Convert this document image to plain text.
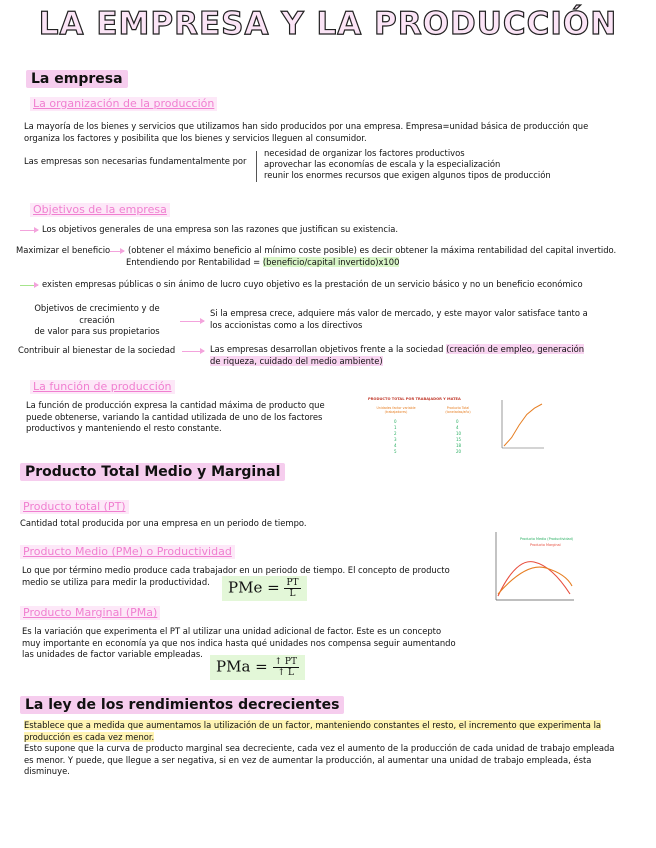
LA EMPRESA Y LA PRODUCCIÓN
La empresa
La organización de la producción
La mayoría de los bienes y servicios que utilizamos han sido producidos por una empresa. Empresa=unidad básica de producción que
organiza los factores y posibilita que los bienes y servicios lleguen al consumidor.
Las empresas son necesarias fundamentalmente por
necesidad de organizar los factores productivos
aprovechar las economías de escala y la especialización
reunir los enormes recursos que exigen algunos tipos de producción
Objetivos de la empresa
Los objetivos generales de una empresa son las razones que justifican su existencia.
Maximizar el beneficio (obtener el máximo beneficio al mínimo coste posible) es decir obtener la máxima rentabilidad del capital invertido.
Entendiendo por Rentabilidad = (beneficio/capital invertido)x100
existen empresas públicas o sin ánimo de lucro cuyo objetivo es la prestación de un servicio básico y no un beneficio económico
Objetivos de crecimiento y de creación
de valor para sus propietarios
Si la empresa crece, adquiere más valor de mercado, y este mayor valor satisface tanto a
los accionistas como a los directivos
Contribuir al bienestar de la sociedad	Las empresas desarrollan objetivos frente a la sociedad (creación de empleo, generación
de riqueza, cuidado del medio ambiente)
La función de producción
La función de producción expresa la cantidad máxima de producto que
puede obtenerse, variando la cantidad utilizada de uno de los factores
productivos y manteniendo el resto constante.
PRODUCTO TOTAL POR TRABAJADOR Y MATEA
Unidades factor variable (trabajadores)
Producto Total (toneladas/año)
0	0
1	4
2	10
3	15
4	18
5	20
Producto Total Medio y Marginal
Producto total (PT)
Cantidad total producida por una empresa en un periodo de tiempo.
Producto Medio (PMe) o Productividad
Lo que por término medio produce cada trabajador en un periodo de tiempo. El concepto de producto
medio se utiliza para medir la productividad.	PMe = $\frac{PT}{L}$
Producto Marginal (PMa)
Es la variación que experimenta el PT al utilizar una unidad adicional de factor. Este es un concepto
muy importante en economía ya que nos indica hasta qué unidades nos compensa seguir aumentando
las unidades de factor variable empleadas.
PMa = $\frac{↑ PT}{↑ L}$
Producto Medio (Productividad)
Producto Marginal
La ley de los rendimientos decrecientes
Establece que a medida que aumentamos la utilización de un factor, manteniendo constantes el resto, el incremento que experimenta la
producción es cada vez menor.
Esto supone que la curva de producto marginal sea decreciente, cada vez el aumento de la producción de cada unidad de trabajo empleada
es menor. Y puede, que llegue a ser negativa, si en vez de aumentar la producción, al aumentar una unidad de trabajo empleada, ésta
disminuye.
